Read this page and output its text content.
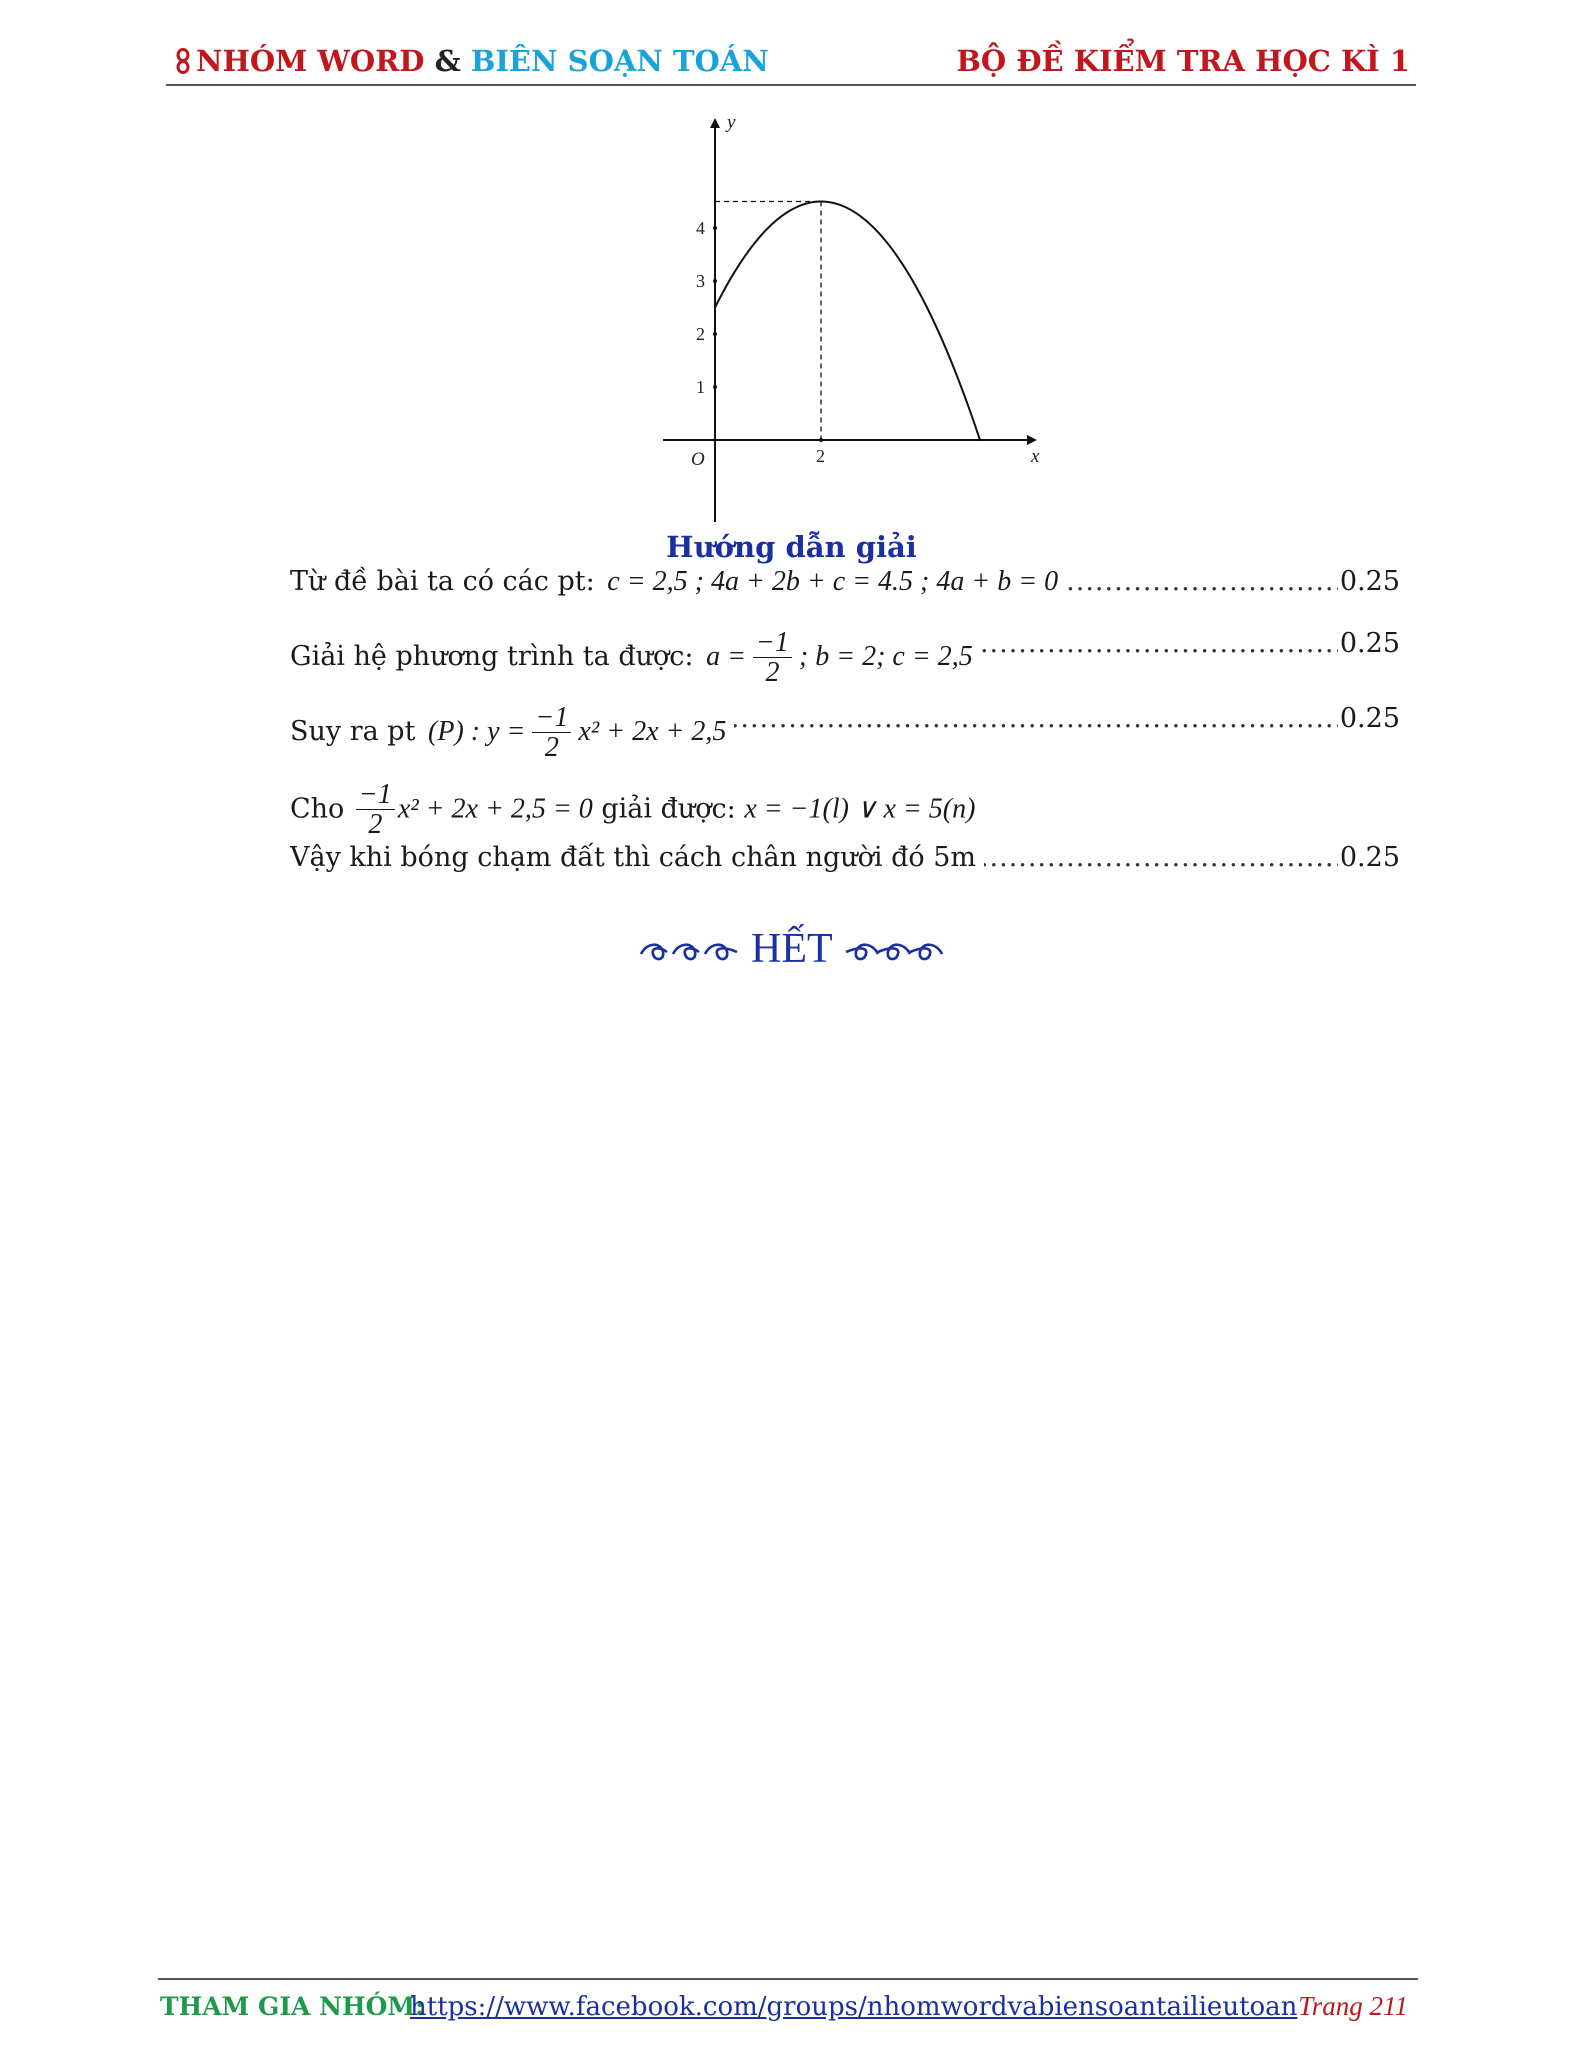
NHÓM WORD & BIÊN SOẠN TOÁN	BỘ ĐỀ KIỂM TRA HỌC KÌ 1
1
2
3
4
2
y
x
O
Hướng dẫn giải
Từ đề bài ta có các pt: c = 2,5 ; 4a + 2b + c = 4.5 ; 4a + b = 0 .....	0.25
Giải hệ phương trình ta được: $a = \frac{-1}{2}$ ; b = 2; c = 2,5 .....	0.25
Suy ra pt (P) : $y = \frac{-1}{2} x^2 + 2x + 2,5$ .....	0.25
Cho $\frac{-1}{2} x^2 + 2x + 2,5 = 0$ giải được: x = −1(l) ∨ x = 5(n)
Vậy khi bóng chạm đất thì cách chân người đó 5m .....	0.25
HẾT
THAM GIA NHÓM:
https://www.facebook.com/groups/nhomwordvabiensoantailieutoan Trang 211
